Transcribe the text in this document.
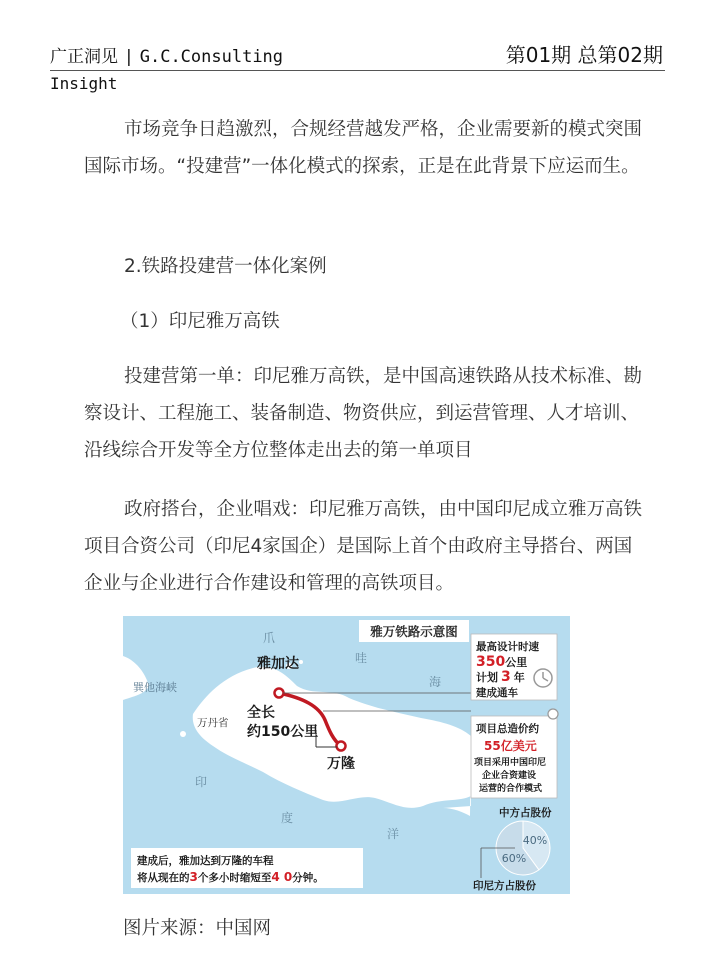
广正洞见 | G.C.Consulting	第01期 总第02期
Insight

市场竞争日趋激烈，合规经营越发严格，企业需要新的模式突围国际市场。“投建营”一体化模式的探索，正是在此背景下应运而生。

2.铁路投建营一体化案例

（1）印尼雅万高铁

投建营第一单：印尼雅万高铁，是中国高速铁路从技术标准、勘察设计、工程施工、装备制造、物资供应，到运营管理、人才培训、沿线综合开发等全方位整体走出去的第一单项目

政府搭台，企业唱戏：印尼雅万高铁，由中国印尼成立雅万高铁项目合资公司（印尼4家国企）是国际上首个由政府主导搭台、两国企业与企业进行合作建设和管理的高铁项目。

雅万铁路示意图
爪
哇
海
巽他海峡
万丹省
印
度
洋
雅加达
万隆
全长
约150公里
最高设计时速
350公里
计划 3 年
建成通车
项目总造价约
55亿美元
项目采用中国印尼
企业合资建设
运营的合作模式
中方占股份
40%
60%
印尼方占股份
建成后，雅加达到万隆的车程
将从现在的3个多小时缩短至4 0分钟。
图片来源：中国网
